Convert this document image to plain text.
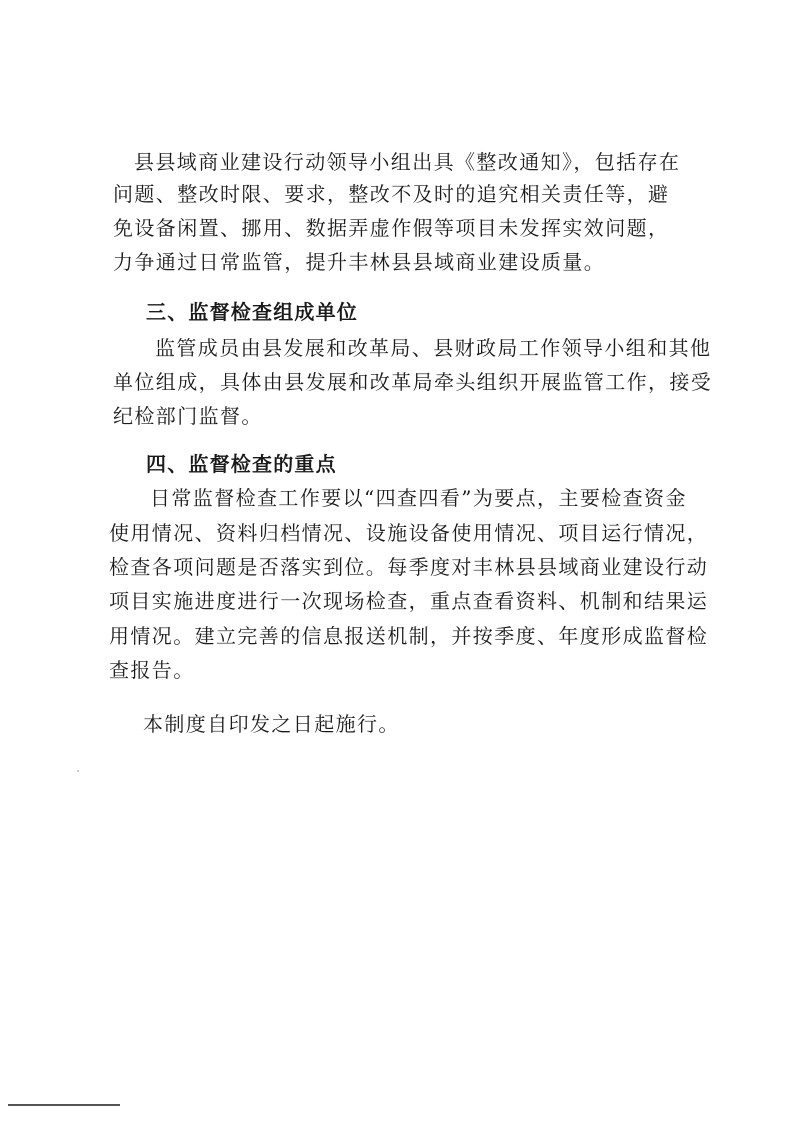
县县域商业建设行动领导小组出具《整改通知》，包括存在
问题、整改时限、要求，整改不及时的追究相关责任等，避
免设备闲置、挪用、数据弄虚作假等项目未发挥实效问题，
力争通过日常监管，提升丰林县县域商业建设质量。
三、监督检查组成单位
监管成员由县发展和改革局、县财政局工作领导小组和其他
单位组成，具体由县发展和改革局牵头组织开展监管工作，接受
纪检部门监督。
四、监督检查的重点
日常监督检查工作要以“四查四看”为要点，主要检查资金
使用情况、资料归档情况、设施设备使用情况、项目运行情况，
检查各项问题是否落实到位。每季度对丰林县县域商业建设行动
项目实施进度进行一次现场检查，重点查看资料、机制和结果运
用情况。建立完善的信息报送机制，并按季度、年度形成监督检
查报告。
本制度自印发之日起施行。
